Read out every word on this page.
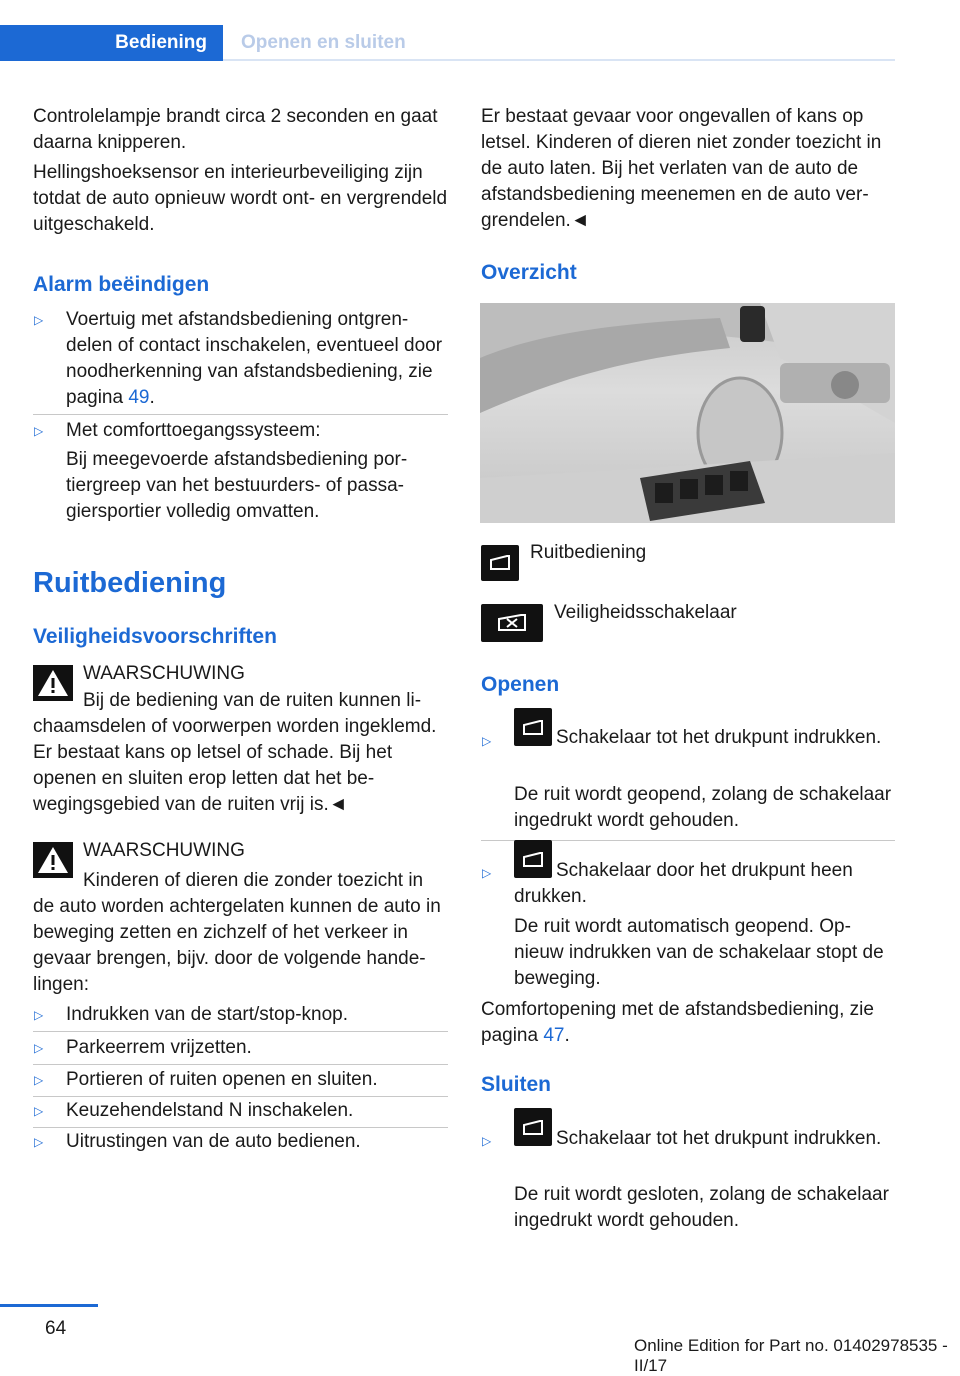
Bediening	Openen en sluiten
Controlelampje brandt circa 2 seconden en gaat daarna knipperen.
Hellingshoeksensor en interieurbeveiliging zijn totdat de auto opnieuw wordt ont- en vergrendeld uitgeschakeld.
Alarm beëindigen
▷ Voertuig met afstandsbediening ontgrendelen of contact inschakelen, eventueel door noodherkenning van afstandsbediening, zie pagina 49.
▷ Met comforttoegangssysteem:
Bij meegevoerde afstandsbediening portiergreep van het bestuurders- of passagiersportier volledig omvatten.
Ruitbediening
Veiligheidsvoorschriften
WAARSCHUWING
Bij de bediening van de ruiten kunnen lichaamsdelen of voorwerpen worden ingeklemd. Er bestaat kans op letsel of schade. Bij het openen en sluiten erop letten dat het bewegingsgebied van de ruiten vrij is.◄
WAARSCHUWING
Kinderen of dieren die zonder toezicht in de auto worden achtergelaten kunnen de auto in beweging zetten en zichzelf of het verkeer in gevaar brengen, bijv. door de volgende handelingen:
▷ Indrukken van de start/stop-knop.
▷ Parkeerrem vrijzetten.
▷ Portieren of ruiten openen en sluiten.
▷ Keuzehendelstand N inschakelen.
▷ Uitrustingen van de auto bedienen.
Er bestaat gevaar voor ongevallen of kans op letsel. Kinderen of dieren niet zonder toezicht in de auto laten. Bij het verlaten van de auto de afstandsbediening meenemen en de auto vergrendelen.◄
Overzicht
Ruitbediening
Veiligheidsschakelaar
Openen
▷	Schakelaar tot het drukpunt indrukken.
De ruit wordt geopend, zolang de schakelaar ingedrukt wordt gehouden.
▷	Schakelaar door het drukpunt heen drukken.
De ruit wordt automatisch geopend. Opnieuw indrukken van de schakelaar stopt de beweging.
Comfortopening met de afstandsbediening, zie pagina 47.
Sluiten
▷	Schakelaar tot het drukpunt indrukken.
De ruit wordt gesloten, zolang de schakelaar ingedrukt wordt gehouden.
64
Online Edition for Part no. 01402978535 - II/17
